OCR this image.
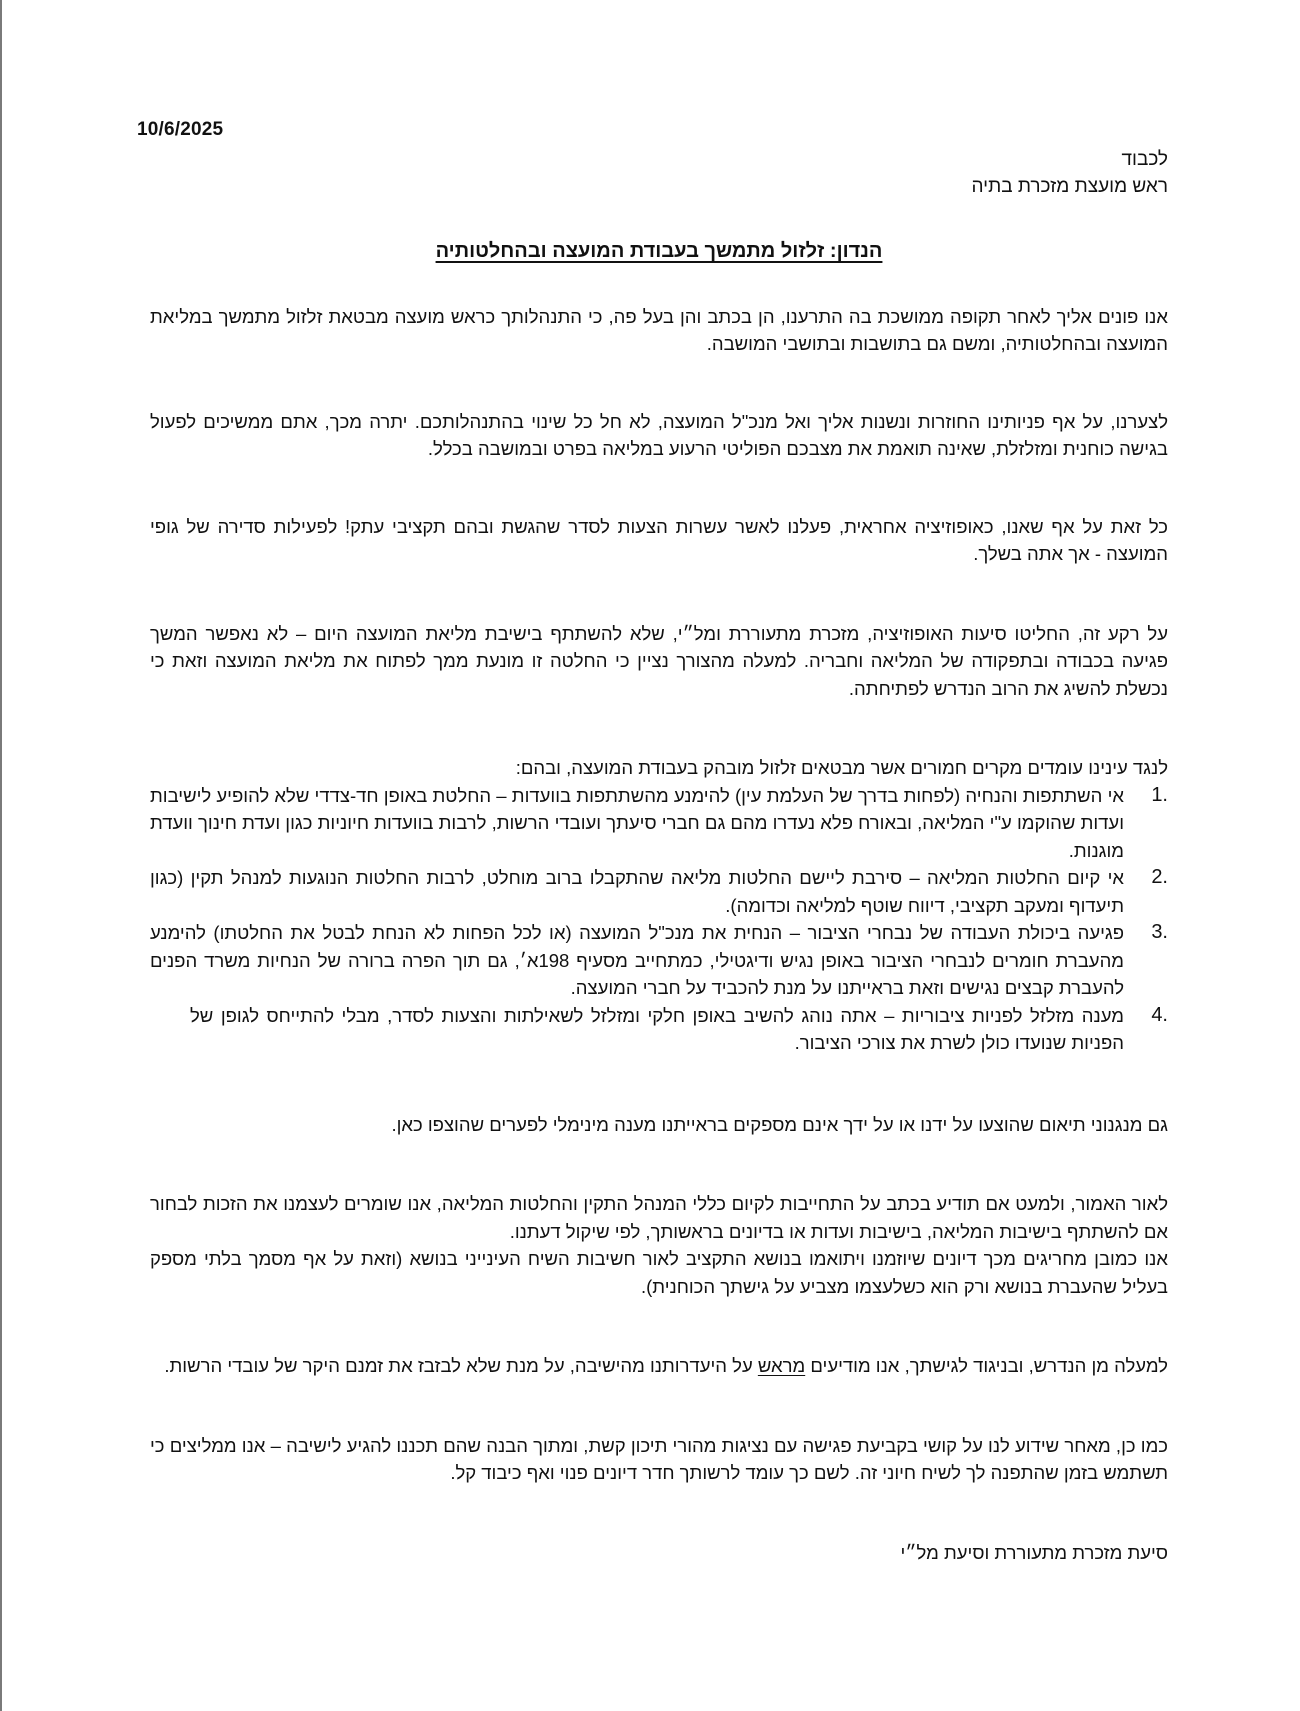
10/6/2025
לכבוד
ראש מועצת מזכרת בתיה
הנדון: זלזול מתמשך בעבודת המועצה ובהחלטותיה

אנו פונים אליך לאחר תקופה ממושכת בה התרענו, הן בכתב והן בעל פה, כי התנהלותך כראש מועצה מבטאת זלזול מתמשך במליאת המועצה ובהחלטותיה, ומשם גם בתושבות ובתושבי המושבה.

לצערנו, על אף פניותינו החוזרות ונשנות אליך ואל מנכ"ל המועצה, לא חל כל שינוי בהתנהלותכם. יתרה מכך, אתם ממשיכים לפעול בגישה כוחנית ומזלזלת, שאינה תואמת את מצבכם הפוליטי הרעוע במליאה בפרט ובמושבה בכלל.

כל זאת על אף שאנו, כאופוזיציה אחראית, פעלנו לאשר עשרות הצעות לסדר שהגשת ובהם תקציבי עתק! לפעילות סדירה של גופי המועצה - אך אתה בשלך.

על רקע זה, החליטו סיעות האופוזיציה, מזכרת מתעוררת ומל״י, שלא להשתתף בישיבת מליאת המועצה היום – לא נאפשר המשך פגיעה בכבודה ובתפקודה של המליאה וחבריה. למעלה מהצורך נציין כי החלטה זו מונעת ממך לפתוח את מליאת המועצה וזאת כי נכשלת להשיג את הרוב הנדרש לפתיחתה.

לנגד עינינו עומדים מקרים חמורים אשר מבטאים זלזול מובהק בעבודת המועצה, ובהם:

1.
אי השתתפות והנחיה (לפחות בדרך של העלמת עין) להימנע מהשתתפות בוועדות – החלטת באופן חד-צדדי שלא להופיע לישיבות ועדות שהוקמו ע"י המליאה, ובאורח פלא נעדרו מהם גם חברי סיעתך ועובדי הרשות, לרבות בוועדות חיוניות כגון ועדת חינוך וועדת מוגנות.
2.
אי קיום החלטות המליאה – סירבת ליישם החלטות מליאה שהתקבלו ברוב מוחלט, לרבות החלטות הנוגעות למנהל תקין (כגון תיעדוף ומעקב תקציבי, דיווח שוטף למליאה וכדומה).
3.
פגיעה ביכולת העבודה של נבחרי הציבור – הנחית את מנכ"ל המועצה (או לכל הפחות לא הנחת לבטל את החלטתו) להימנע מהעברת חומרים לנבחרי הציבור באופן נגיש ודיגטילי, כמתחייב מסעיף 198א׳, גם תוך הפרה ברורה של הנחיות משרד הפנים להעברת קבצים נגישים וזאת בראייתנו על מנת להכביד על חברי המועצה.
4.
מענה מזלזל לפניות ציבוריות – אתה נוהג להשיב באופן חלקי ומזלזל לשאילתות והצעות לסדר, מבלי להתייחס לגופן של הפניות שנועדו כולן לשרת את צורכי הציבור.

גם מנגנוני תיאום שהוצעו על ידנו או על ידך אינם מספקים בראייתנו מענה מינימלי לפערים שהוצפו כאן.

לאור האמור, ולמעט אם תודיע בכתב על התחייבות לקיום כללי המנהל התקין והחלטות המליאה, אנו שומרים לעצמנו את הזכות לבחור אם להשתתף בישיבות המליאה, בישיבות ועדות או בדיונים בראשותך, לפי שיקול דעתנו.

אנו כמובן מחריגים מכך דיונים שיוזמנו ויתואמו בנושא התקציב לאור חשיבות השיח העינייני בנושא (וזאת על אף מסמך בלתי מספק בעליל שהעברת בנושא ורק הוא כשלעצמו מצביע על גישתך הכוחנית).

למעלה מן הנדרש, ובניגוד לגישתך, אנו מודיעים מראש על היעדרותנו מהישיבה, על מנת שלא לבזבז את זמנם היקר של עובדי הרשות.

כמו כן, מאחר שידוע לנו על קושי בקביעת פגישה עם נציגות מהורי תיכון קשת, ומתוך הבנה שהם תכננו להגיע לישיבה – אנו ממליצים כי תשתמש בזמן שהתפנה לך לשיח חיוני זה. לשם כך עומד לרשותך חדר דיונים פנוי ואף כיבוד קל.

סיעת מזכרת מתעוררת וסיעת מל״י
